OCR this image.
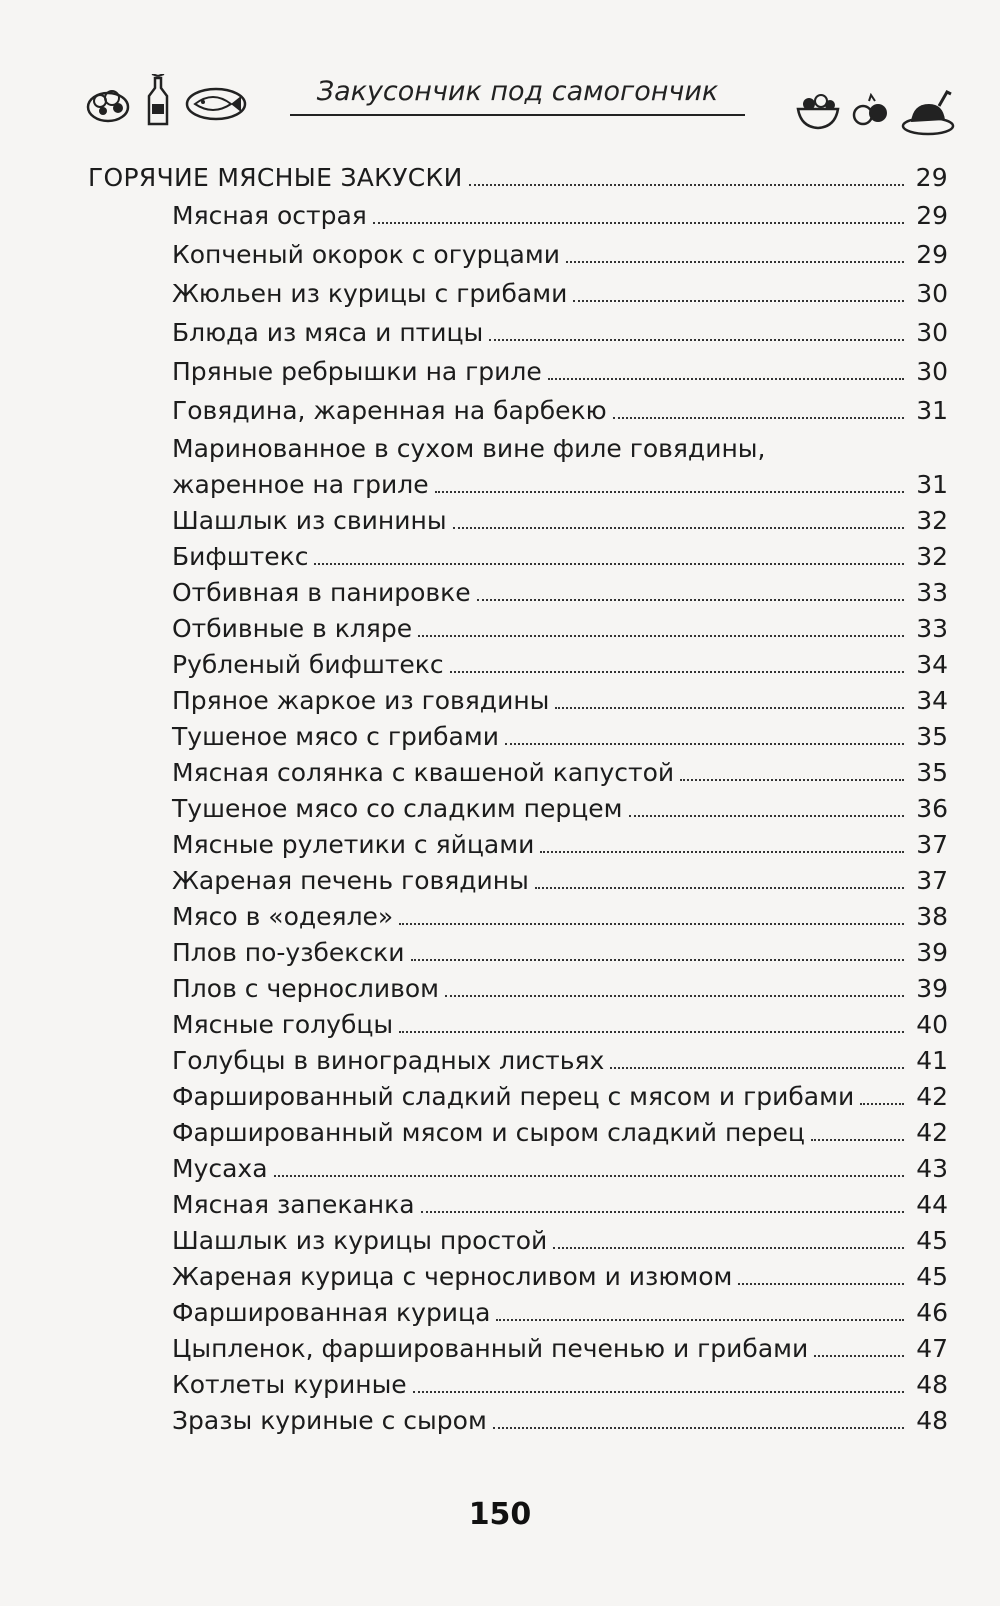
Закусончик под самогончик
ГОРЯЧИЕ МЯСНЫЕ ЗАКУСКИ	29
Мясная острая	29
Копченый окорок с огурцами	29
Жюльен из курицы с грибами	30
Блюда из мяса и птицы	30
Пряные ребрышки на гриле	30
Говядина, жаренная на барбекю	31
Маринованное в сухом вине филе говядины,
жаренное на гриле	31
Шашлык из свинины	32
Бифштекс	32
Отбивная в панировке	33
Отбивные в кляре	33
Рубленый бифштекс	34
Пряное жаркое из говядины	34
Тушеное мясо с грибами	35
Мясная солянка с квашеной капустой	35
Тушеное мясо со сладким перцем	36
Мясные рулетики с яйцами	37
Жареная печень говядины	37
Мясо в «одеяле»	38
Плов по-узбекски	39
Плов с черносливом	39
Мясные голубцы	40
Голубцы в виноградных листьях	41
Фаршированный сладкий перец с мясом и грибами 42
Фаршированный мясом и сыром сладкий перец	42
Мусаха	43
Мясная запеканка	44
Шашлык из курицы простой	45
Жареная курица с черносливом и изюмом	45
Фаршированная курица	46
Цыпленок, фаршированный печенью и грибами	47
Котлеты куриные	48
Зразы куриные с сыром	48
150
